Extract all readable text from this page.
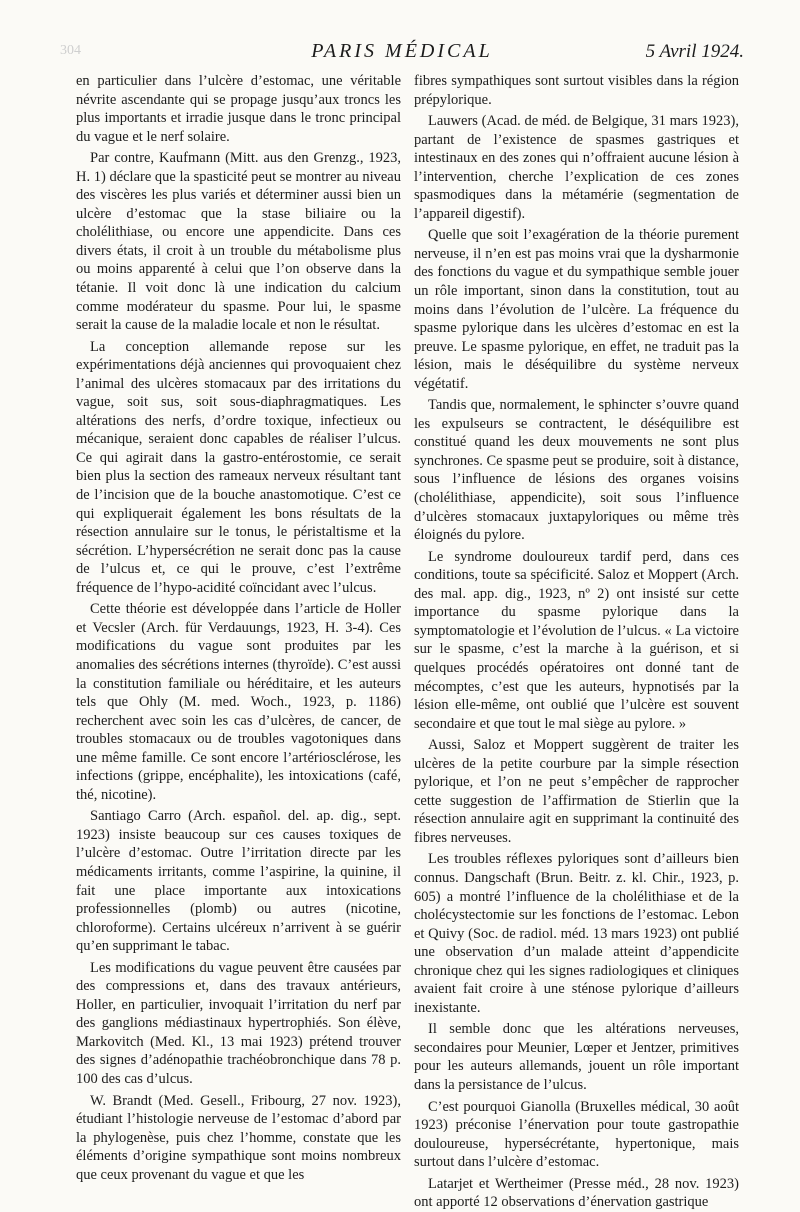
304	PARIS MÉDICAL	5 Avril 1924.

en particulier dans l’ulcère d’estomac, une véritable névrite ascendante qui se propage jusqu’aux troncs les plus importants et irradie jusque dans le tronc principal du vague et le nerf solaire.

Par contre, Kaufmann (Mitt. aus den Grenzg., 1923, H. 1) déclare que la spasticité peut se montrer au niveau des viscères les plus variés et déterminer aussi bien un ulcère d’estomac que la stase biliaire ou la cholélithiase, ou encore une appendicite. Dans ces divers états, il croit à un trouble du métabolisme plus ou moins apparenté à celui que l’on observe dans la tétanie. Il voit donc là une indication du calcium comme modérateur du spasme. Pour lui, le spasme serait la cause de la maladie locale et non le résultat.

La conception allemande repose sur les expérimentations déjà anciennes qui provoquaient chez l’animal des ulcères stomacaux par des irritations du vague, soit sus, soit sous-diaphragmatiques. Les altérations des nerfs, d’ordre toxique, infectieux ou mécanique, seraient donc capables de réaliser l’ulcus. Ce qui agirait dans la gastro-entérostomie, ce serait bien plus la section des rameaux nerveux résultant tant de l’incision que de la bouche anastomotique. C’est ce qui expliquerait également les bons résultats de la résection annulaire sur le tonus, le péristaltisme et la sécrétion. L’hypersécrétion ne serait donc pas la cause de l’ulcus et, ce qui le prouve, c’est l’extrême fréquence de l’hypo-acidité coïncidant avec l’ulcus.

Cette théorie est développée dans l’article de Holler et Vecsler (Arch. für Verdauungs, 1923, H. 3-4). Ces modifications du vague sont produites par les anomalies des sécrétions internes (thyroïde). C’est aussi la constitution familiale ou héréditaire, et les auteurs tels que Ohly (M. med. Woch., 1923, p. 1186) recherchent avec soin les cas d’ulcères, de cancer, de troubles stomacaux ou de troubles vagotoniques dans une même famille. Ce sont encore l’artériosclérose, les infections (grippe, encéphalite), les intoxications (café, thé, nicotine).

Santiago Carro (Arch. español. del. ap. dig., sept. 1923) insiste beaucoup sur ces causes toxiques de l’ulcère d’estomac. Outre l’irritation directe par les médicaments irritants, comme l’aspirine, la quinine, il fait une place importante aux intoxications professionnelles (plomb) ou autres (nicotine, chloroforme). Certains ulcéreux n’arrivent à se guérir qu’en supprimant le tabac.

Les modifications du vague peuvent être causées par des compressions et, dans des travaux antérieurs, Holler, en particulier, invoquait l’irritation du nerf par des ganglions médiastinaux hypertrophiés. Son élève, Markovitch (Med. Kl., 13 mai 1923) prétend trouver des signes d’adénopathie trachéobronchique dans 78 p. 100 des cas d’ulcus.

W. Brandt (Med. Gesell., Fribourg, 27 nov. 1923), étudiant l’histologie nerveuse de l’estomac d’abord par la phylogenèse, puis chez l’homme, constate que les éléments d’origine sympathique sont moins nombreux que ceux provenant du vague et que les

fibres sympathiques sont surtout visibles dans la région prépylorique.

Lauwers (Acad. de méd. de Belgique, 31 mars 1923), partant de l’existence de spasmes gastriques et intestinaux en des zones qui n’offraient aucune lésion à l’intervention, cherche l’explication de ces zones spasmodiques dans la métamérie (segmentation de l’appareil digestif).

Quelle que soit l’exagération de la théorie purement nerveuse, il n’en est pas moins vrai que la dysharmonie des fonctions du vague et du sympathique semble jouer un rôle important, sinon dans la constitution, tout au moins dans l’évolution de l’ulcère. La fréquence du spasme pylorique dans les ulcères d’estomac en est la preuve. Le spasme pylorique, en effet, ne traduit pas la lésion, mais le déséquilibre du système nerveux végétatif.

Tandis que, normalement, le sphincter s’ouvre quand les expulseurs se contractent, le déséquilibre est constitué quand les deux mouvements ne sont plus synchrones. Ce spasme peut se produire, soit à distance, sous l’influence de lésions des organes voisins (cholélithiase, appendicite), soit sous l’influence d’ulcères stomacaux juxtapyloriques ou même très éloignés du pylore.

Le syndrome douloureux tardif perd, dans ces conditions, toute sa spécificité. Saloz et Moppert (Arch. des mal. app. dig., 1923, nº 2) ont insisté sur cette importance du spasme pylorique dans la symptomatologie et l’évolution de l’ulcus. « La victoire sur le spasme, c’est la marche à la guérison, et si quelques procédés opératoires ont donné tant de mécomptes, c’est que les auteurs, hypnotisés par la lésion elle-même, ont oublié que l’ulcère est souvent secondaire et que tout le mal siège au pylore. »

Aussi, Saloz et Moppert suggèrent de traiter les ulcères de la petite courbure par la simple résection pylorique, et l’on ne peut s’empêcher de rapprocher cette suggestion de l’affirmation de Stierlin que la résection annulaire agit en supprimant la continuité des fibres nerveuses.

Les troubles réflexes pyloriques sont d’ailleurs bien connus. Dangschaft (Brun. Beitr. z. kl. Chir., 1923, p. 605) a montré l’influence de la cholélithiase et de la cholécystectomie sur les fonctions de l’estomac. Lebon et Quivy (Soc. de radiol. méd. 13 mars 1923) ont publié une observation d’un malade atteint d’appendicite chronique chez qui les signes radiologiques et cliniques avaient fait croire à une sténose pylorique d’ailleurs inexistante.

Il semble donc que les altérations nerveuses, secondaires pour Meunier, Lœper et Jentzer, primitives pour les auteurs allemands, jouent un rôle important dans la persistance de l’ulcus.

C’est pourquoi Gianolla (Bruxelles médical, 30 août 1923) préconise l’énervation pour toute gastropathie douloureuse, hypersécrétante, hypertonique, mais surtout dans l’ulcère d’estomac.

Latarjet et Wertheimer (Presse méd., 28 nov. 1923) ont apporté 12 observations d’énervation gastrique
